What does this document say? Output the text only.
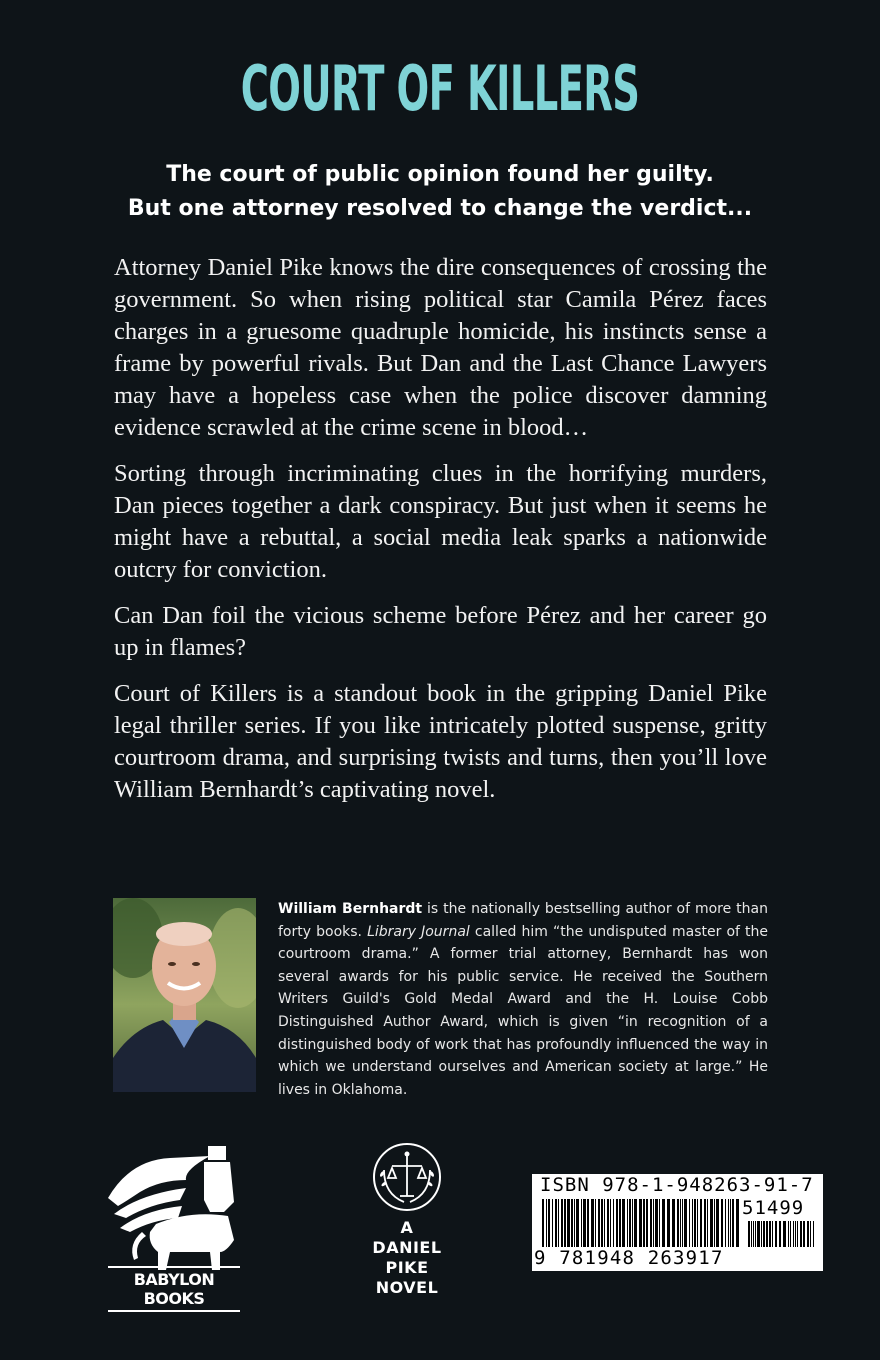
COURT OF KILLERS
The court of public opinion found her guilty.
But one attorney resolved to change the verdict...

Attorney Daniel Pike knows the dire consequences of crossing the government. So when rising political star Camila Pérez faces charges in a gruesome quadruple homicide, his instincts sense a frame by powerful rivals. But Dan and the Last Chance Lawyers may have a hopeless case when the police discover damning evidence scrawled at the crime scene in blood…

Sorting through incriminating clues in the horrifying murders, Dan pieces together a dark conspiracy. But just when it seems he might have a rebuttal, a social media leak sparks a nationwide outcry for conviction.

Can Dan foil the vicious scheme before Pérez and her career go up in flames?

Court of Killers is a standout book in the gripping Daniel Pike legal thriller series. If you like intricately plotted suspense, gritty courtroom drama, and surprising twists and turns, then you’ll love William Bernhardt’s captivating novel.

William Bernhardt is the nationally bestselling author of more than forty books. Library Journal called him “the undisputed master of the courtroom drama.” A former trial attorney, Bernhardt has won several awards for his public service. He received the Southern Writers Guild's Gold Medal Award and the H. Louise Cobb Distinguished Author Award, which is given “in recognition of a distinguished body of work that has profoundly influenced the way in which we understand ourselves and American society at large.” He lives in Oklahoma.
BABYLON BOOKS
A
DANIEL
PIKE
NOVEL
ISBN 978-1-948263-91-7
51499
9 781948 263917
